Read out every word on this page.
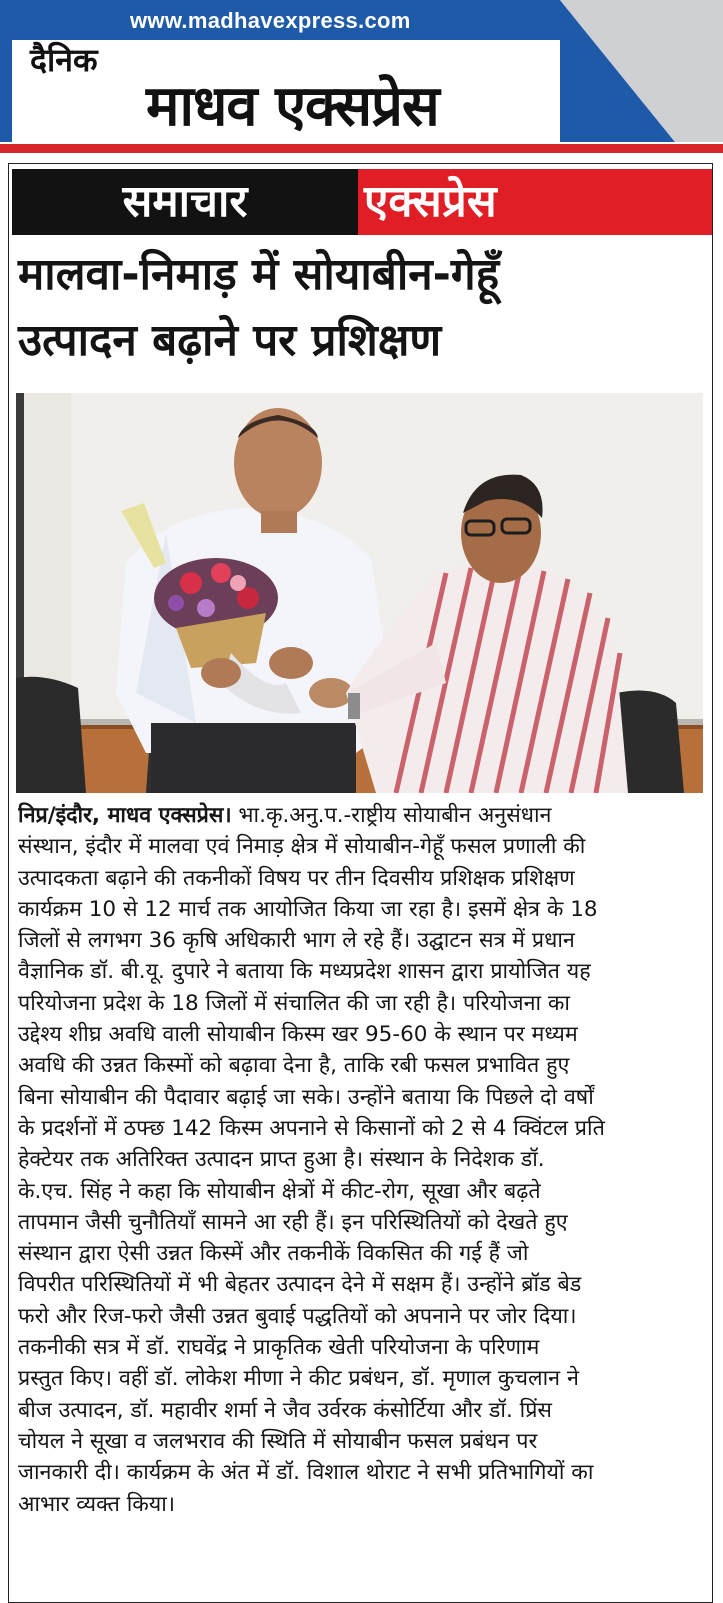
www.madhavexpress.com
दैनिक
माधव एक्सप्रेस
समाचार	एक्सप्रेस
मालवा-निमाड़ में सोयाबीन-गेहूँ
उत्पादन बढ़ाने पर प्रशिक्षण
निप्र/इंदौर, माधव एक्सप्रेस। भा.कृ.अनु.प.-राष्ट्रीय सोयाबीन अनुसंधान
संस्थान, इंदौर में मालवा एवं निमाड़ क्षेत्र में सोयाबीन-गेहूँ फसल प्रणाली की
उत्पादकता बढ़ाने की तकनीकों विषय पर तीन दिवसीय प्रशिक्षक प्रशिक्षण
कार्यक्रम 10 से 12 मार्च तक आयोजित किया जा रहा है। इसमें क्षेत्र के 18
जिलों से लगभग 36 कृषि अधिकारी भाग ले रहे हैं। उद्घाटन सत्र में प्रधान
वैज्ञानिक डॉ. बी.यू. दुपारे ने बताया कि मध्यप्रदेश शासन द्वारा प्रायोजित यह
परियोजना प्रदेश के 18 जिलों में संचालित की जा रही है। परियोजना का
उद्देश्य शीघ्र अवधि वाली सोयाबीन किस्म खर 95-60 के स्थान पर मध्यम
अवधि की उन्नत किस्मों को बढ़ावा देना है, ताकि रबी फसल प्रभावित हुए
बिना सोयाबीन की पैदावार बढ़ाई जा सके। उन्होंने बताया कि पिछले दो वर्षों
के प्रदर्शनों में ठफ्छ 142 किस्म अपनाने से किसानों को 2 से 4 क्विंटल प्रति
हेक्टेयर तक अतिरिक्त उत्पादन प्राप्त हुआ है। संस्थान के निदेशक डॉ.
के.एच. सिंह ने कहा कि सोयाबीन क्षेत्रों में कीट-रोग, सूखा और बढ़ते
तापमान जैसी चुनौतियाँ सामने आ रही हैं। इन परिस्थितियों को देखते हुए
संस्थान द्वारा ऐसी उन्नत किस्में और तकनीकें विकसित की गई हैं जो
विपरीत परिस्थितियों में भी बेहतर उत्पादन देने में सक्षम हैं। उन्होंने ब्रॉड बेड
फरो और रिज-फरो जैसी उन्नत बुवाई पद्धतियों को अपनाने पर जोर दिया।
तकनीकी सत्र में डॉ. राघवेंद्र ने प्राकृतिक खेती परियोजना के परिणाम
प्रस्तुत किए। वहीं डॉ. लोकेश मीणा ने कीट प्रबंधन, डॉ. मृणाल कुचलान ने
बीज उत्पादन, डॉ. महावीर शर्मा ने जैव उर्वरक कंसोर्टिया और डॉ. प्रिंस
चोयल ने सूखा व जलभराव की स्थिति में सोयाबीन फसल प्रबंधन पर
जानकारी दी। कार्यक्रम के अंत में डॉ. विशाल थोराट ने सभी प्रतिभागियों का
आभार व्यक्त किया।
